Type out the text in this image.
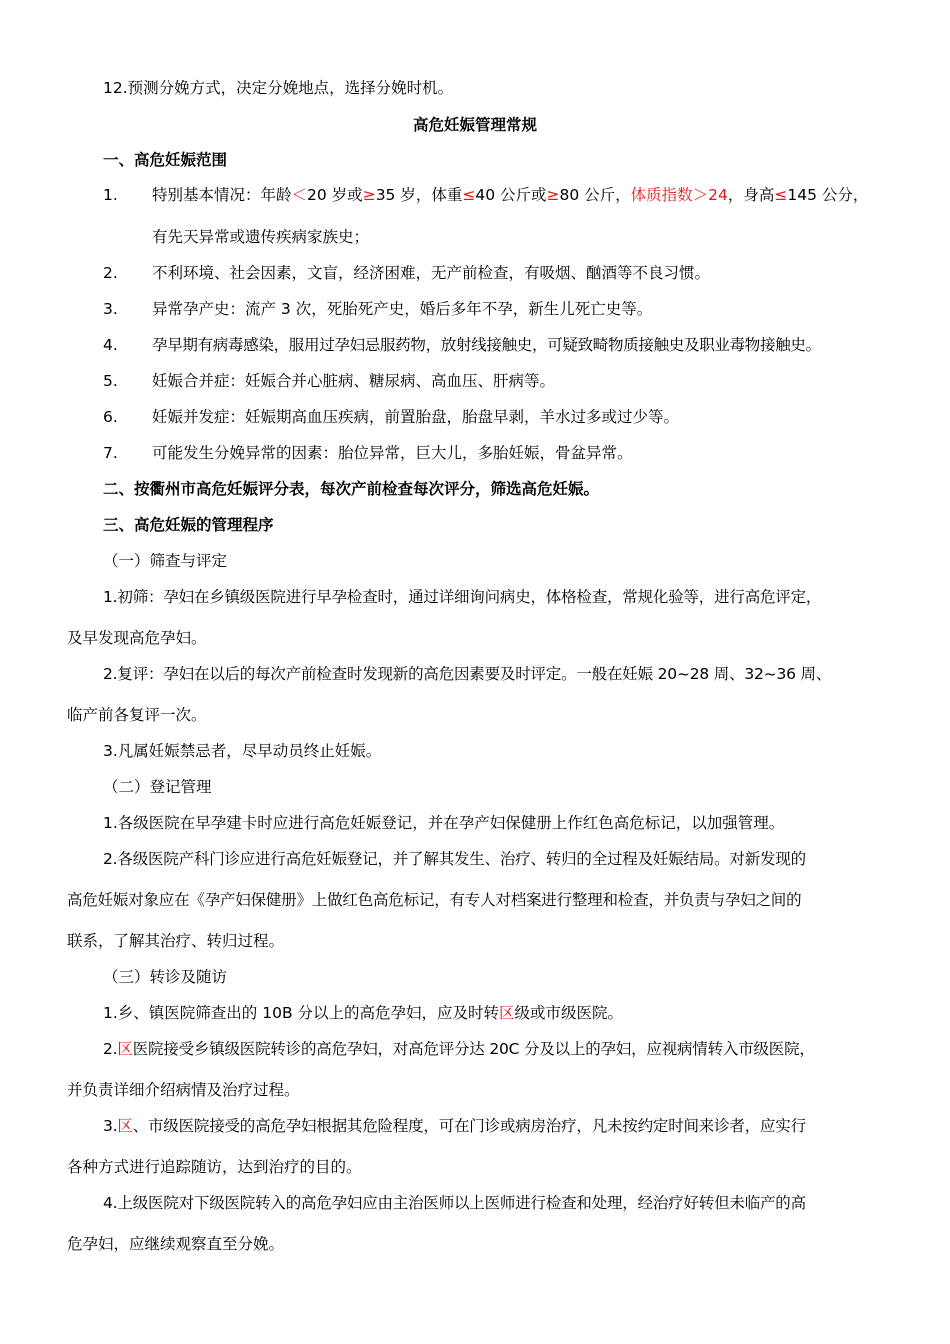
12.预测分娩方式，决定分娩地点，选择分娩时机。
高危妊娠管理常规
一、高危妊娠范围
1. 特别基本情况：年龄＜20 岁或≥35 岁，体重≤40 公斤或≥80 公斤，体质指数＞24，身高≤145 公分，
有先天异常或遗传疾病家族史；
2. 不利环境、社会因素，文盲，经济困难，无产前检查，有吸烟、酗酒等不良习惯。
3. 异常孕产史：流产 3 次，死胎死产史，婚后多年不孕，新生儿死亡史等。
4. 孕早期有病毒感染，服用过孕妇忌服药物，放射线接触史，可疑致畸物质接触史及职业毒物接触史。
5. 妊娠合并症：妊娠合并心脏病、糖尿病、高血压、肝病等。
6. 妊娠并发症：妊娠期高血压疾病，前置胎盘，胎盘早剥，羊水过多或过少等。
7. 可能发生分娩异常的因素：胎位异常，巨大儿，多胎妊娠，骨盆异常。
二、按衢州市高危妊娠评分表，每次产前检查每次评分，筛选高危妊娠。
三、高危妊娠的管理程序
（一）筛查与评定
1.初筛：孕妇在乡镇级医院进行早孕检查时，通过详细询问病史，体格检查，常规化验等，进行高危评定，
及早发现高危孕妇。
2.复评：孕妇在以后的每次产前检查时发现新的高危因素要及时评定。一般在妊娠 20~28 周、32~36 周、
临产前各复评一次。
3.凡属妊娠禁忌者，尽早动员终止妊娠。
（二）登记管理
1.各级医院在早孕建卡时应进行高危妊娠登记，并在孕产妇保健册上作红色高危标记，以加强管理。
2.各级医院产科门诊应进行高危妊娠登记，并了解其发生、治疗、转归的全过程及妊娠结局。对新发现的
高危妊娠对象应在《孕产妇保健册》上做红色高危标记，有专人对档案进行整理和检查，并负责与孕妇之间的
联系，了解其治疗、转归过程。
（三）转诊及随访
1.乡、镇医院筛查出的 10B 分以上的高危孕妇，应及时转区级或市级医院。
2.区医院接受乡镇级医院转诊的高危孕妇，对高危评分达 20C 分及以上的孕妇，应视病情转入市级医院，
并负责详细介绍病情及治疗过程。
3.区、市级医院接受的高危孕妇根据其危险程度，可在门诊或病房治疗，凡未按约定时间来诊者，应实行
各种方式进行追踪随访，达到治疗的目的。
4.上级医院对下级医院转入的高危孕妇应由主治医师以上医师进行检查和处理，经治疗好转但未临产的高
危孕妇，应继续观察直至分娩。
